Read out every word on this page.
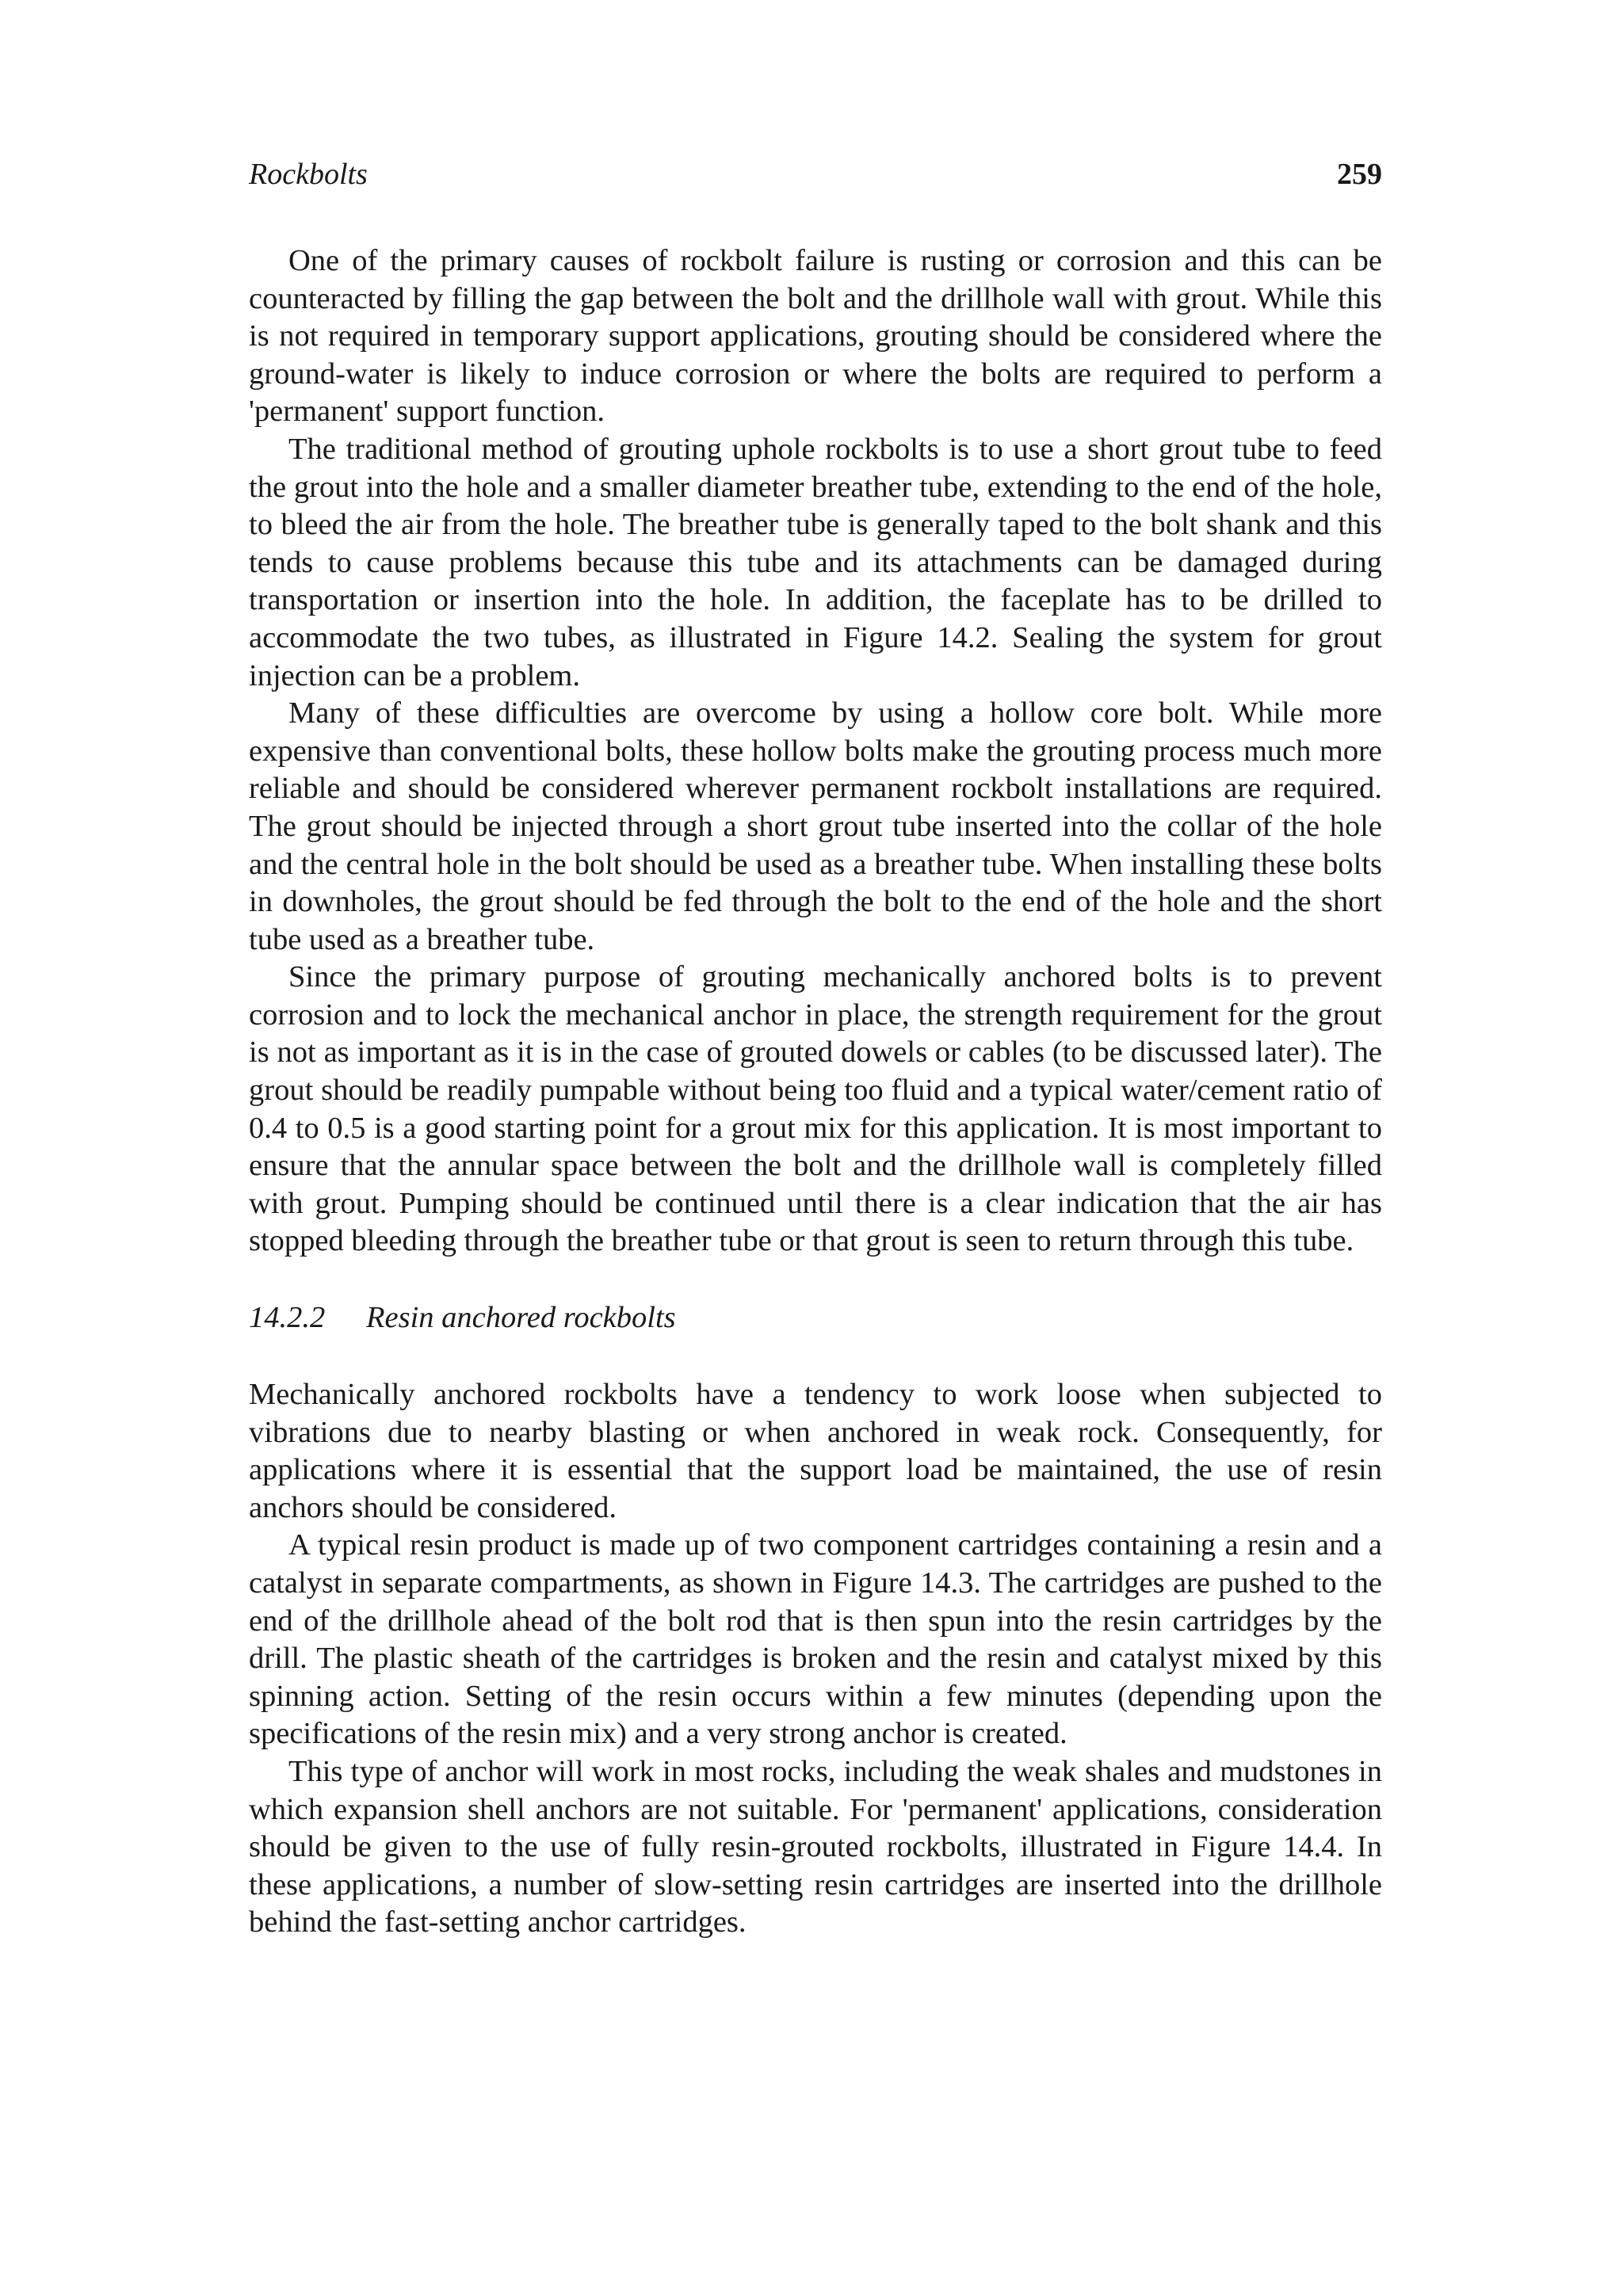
Rockbolts	259

One of the primary causes of rockbolt failure is rusting or corrosion and this can be counteracted by filling the gap between the bolt and the drillhole wall with grout. While this is not required in temporary support applications, grouting should be considered where the ground-water is likely to induce corrosion or where the bolts are required to perform a 'permanent' support function.

The traditional method of grouting uphole rockbolts is to use a short grout tube to feed the grout into the hole and a smaller diameter breather tube, extending to the end of the hole, to bleed the air from the hole. The breather tube is generally taped to the bolt shank and this tends to cause problems because this tube and its attachments can be damaged during transportation or insertion into the hole. In addition, the faceplate has to be drilled to accommodate the two tubes, as illustrated in Figure 14.2. Sealing the system for grout injection can be a problem.

Many of these difficulties are overcome by using a hollow core bolt. While more expensive than conventional bolts, these hollow bolts make the grouting process much more reliable and should be considered wherever permanent rockbolt installations are required. The grout should be injected through a short grout tube inserted into the collar of the hole and the central hole in the bolt should be used as a breather tube. When installing these bolts in downholes, the grout should be fed through the bolt to the end of the hole and the short tube used as a breather tube.

Since the primary purpose of grouting mechanically anchored bolts is to prevent corrosion and to lock the mechanical anchor in place, the strength requirement for the grout is not as important as it is in the case of grouted dowels or cables (to be discussed later). The grout should be readily pumpable without being too fluid and a typical water/cement ratio of 0.4 to 0.5 is a good starting point for a grout mix for this application. It is most important to ensure that the annular space between the bolt and the drillhole wall is completely filled with grout. Pumping should be continued until there is a clear indication that the air has stopped bleeding through the breather tube or that grout is seen to return through this tube.

14.2.2 Resin anchored rockbolts

Mechanically anchored rockbolts have a tendency to work loose when subjected to vibrations due to nearby blasting or when anchored in weak rock. Consequently, for applications where it is essential that the support load be maintained, the use of resin anchors should be considered.

A typical resin product is made up of two component cartridges containing a resin and a catalyst in separate compartments, as shown in Figure 14.3. The cartridges are pushed to the end of the drillhole ahead of the bolt rod that is then spun into the resin cartridges by the drill. The plastic sheath of the cartridges is broken and the resin and catalyst mixed by this spinning action. Setting of the resin occurs within a few minutes (depending upon the specifications of the resin mix) and a very strong anchor is created.

This type of anchor will work in most rocks, including the weak shales and mudstones in which expansion shell anchors are not suitable. For 'permanent' applications, consideration should be given to the use of fully resin-grouted rockbolts, illustrated in Figure 14.4. In these applications, a number of slow-setting resin cartridges are inserted into the drillhole behind the fast-setting anchor cartridges.
